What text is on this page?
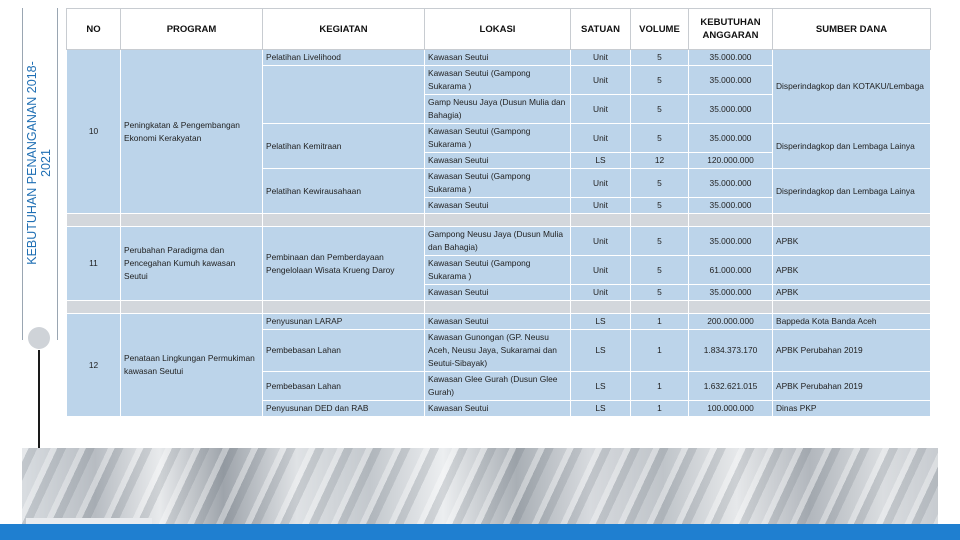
KEBUTUHAN PENANGANAN 2018-
2021
NO	PROGRAM	KEGIATAN	LOKASI	SATUAN	VOLUME	KEBUTUHAN ANGGARAN	SUMBER DANA
10	Peningkatan & Pengembangan Ekonomi Kerakyatan	Pelatihan Livelihood	Kawasan Seutui	Unit	5	35.000.000	Disperindagkop dan KOTAKU/Lembaga
			Kawasan Seutui (Gampong Sukarama )	Unit	5	35.000.000	
			Gamp Neusu Jaya (Dusun Mulia dan Bahagia)	Unit	5	35.000.000	
		Pelatihan Kemitraan	Kawasan Seutui (Gampong Sukarama )	Unit	5	35.000.000	Disperindagkop dan Lembaga Lainya
			Kawasan Seutui	LS	12	120.000.000	
		Pelatihan Kewirausahaan	Kawasan Seutui (Gampong Sukarama )	Unit	5	35.000.000	Disperindagkop dan Lembaga Lainya
			Kawasan Seutui	Unit	5	35.000.000	

11	Perubahan Paradigma dan Pencegahan Kumuh kawasan Seutui	Pembinaan dan Pemberdayaan Pengelolaan Wisata Krueng Daroy	Gampong Neusu Jaya (Dusun Mulia dan Bahagia)	Unit	5	35.000.000	APBK
			Kawasan Seutui (Gampong Sukarama )	Unit	5	61.000.000	APBK
			Kawasan Seutui	Unit	5	35.000.000	APBK

12	Penataan Lingkungan Permukiman kawasan Seutui	Penyusunan LARAP	Kawasan Seutui	LS	1	200.000.000	Bappeda Kota Banda Aceh
		Pembebasan Lahan	Kawasan Gunongan (GP. Neusu Aceh, Neusu Jaya, Sukaramai dan Seutui-Sibayak)	LS	1	1.834.373.170	APBK Perubahan 2019
		Pembebasan Lahan	Kawasan Glee Gurah (Dusun Glee Gurah)	LS	1	1.632.621.015	APBK Perubahan 2019
		Penyusunan DED dan RAB	Kawasan Seutui	LS	1	100.000.000	Dinas PKP
